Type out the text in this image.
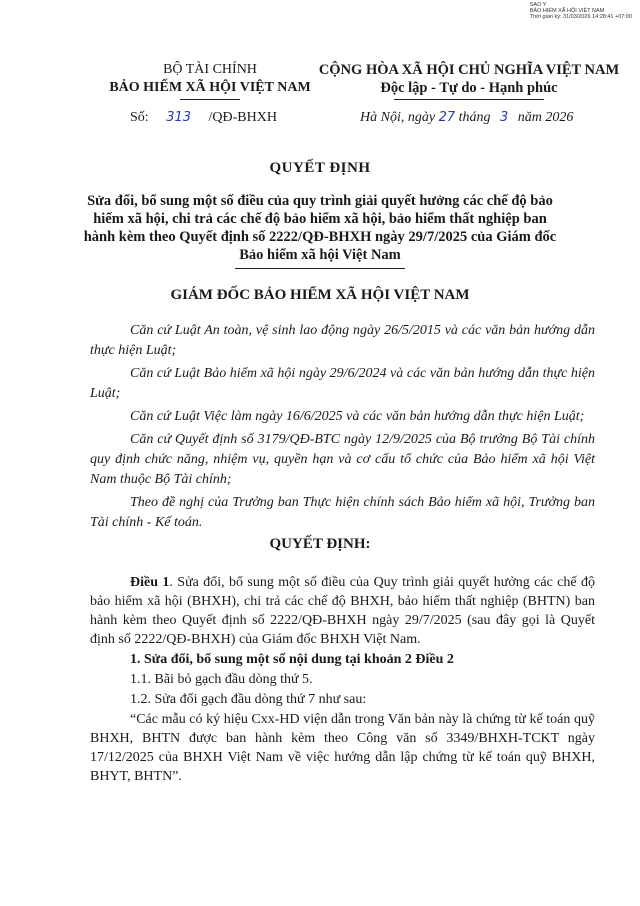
SAO Y
BẢO HIỂM XÃ HỘI VIỆT NAM
Thời gian ký: 31/03/2026 14:28:41 +07:00
BỘ TÀI CHÍNH
BẢO HIỂM XÃ HỘI VIỆT NAM
CỘNG HÒA XÃ HỘI CHỦ NGHĨA VIỆT NAM
Độc lập - Tự do - Hạnh phúc
Số: 313 /QĐ-BHXH	Hà Nội, ngày 27 tháng 3 năm 2026
QUYẾT ĐỊNH
Sửa đổi, bổ sung một số điều của quy trình giải quyết hưởng các chế độ bảo hiểm xã hội, chi trả các chế độ bảo hiểm xã hội, bảo hiểm thất nghiệp ban hành kèm theo Quyết định số 2222/QĐ-BHXH ngày 29/7/2025 của Giám đốc Bảo hiểm xã hội Việt Nam
GIÁM ĐỐC BẢO HIỂM XÃ HỘI VIỆT NAM

Căn cứ Luật An toàn, vệ sinh lao động ngày 26/5/2015 và các văn bản hướng dẫn thực hiện Luật;

Căn cứ Luật Bảo hiểm xã hội ngày 29/6/2024 và các văn bản hướng dẫn thực hiện Luật;

Căn cứ Luật Việc làm ngày 16/6/2025 và các văn bản hướng dẫn thực hiện Luật;

Căn cứ Quyết định số 3179/QĐ-BTC ngày 12/9/2025 của Bộ trưởng Bộ Tài chính quy định chức năng, nhiệm vụ, quyền hạn và cơ cấu tổ chức của Bảo hiểm xã hội Việt Nam thuộc Bộ Tài chính;

Theo đề nghị của Trưởng ban Thực hiện chính sách Bảo hiểm xã hội, Trưởng ban Tài chính - Kế toán.

QUYẾT ĐỊNH:

Điều 1. Sửa đổi, bổ sung một số điều của Quy trình giải quyết hưởng các chế độ bảo hiểm xã hội (BHXH), chi trả các chế độ BHXH, bảo hiểm thất nghiệp (BHTN) ban hành kèm theo Quyết định số 2222/QĐ-BHXH ngày 29/7/2025 (sau đây gọi là Quyết định số 2222/QĐ-BHXH) của Giám đốc BHXH Việt Nam.

1. Sửa đổi, bổ sung một số nội dung tại khoản 2 Điều 2

1.1. Bãi bỏ gạch đầu dòng thứ 5.

1.2. Sửa đổi gạch đầu dòng thứ 7 như sau:

“Các mẫu có ký hiệu Cxx-HD viện dẫn trong Văn bản này là chứng từ kế toán quỹ BHXH, BHTN được ban hành kèm theo Công văn số 3349/BHXH-TCKT ngày 17/12/2025 của BHXH Việt Nam về việc hướng dẫn lập chứng từ kế toán quỹ BHXH, BHYT, BHTN”.
